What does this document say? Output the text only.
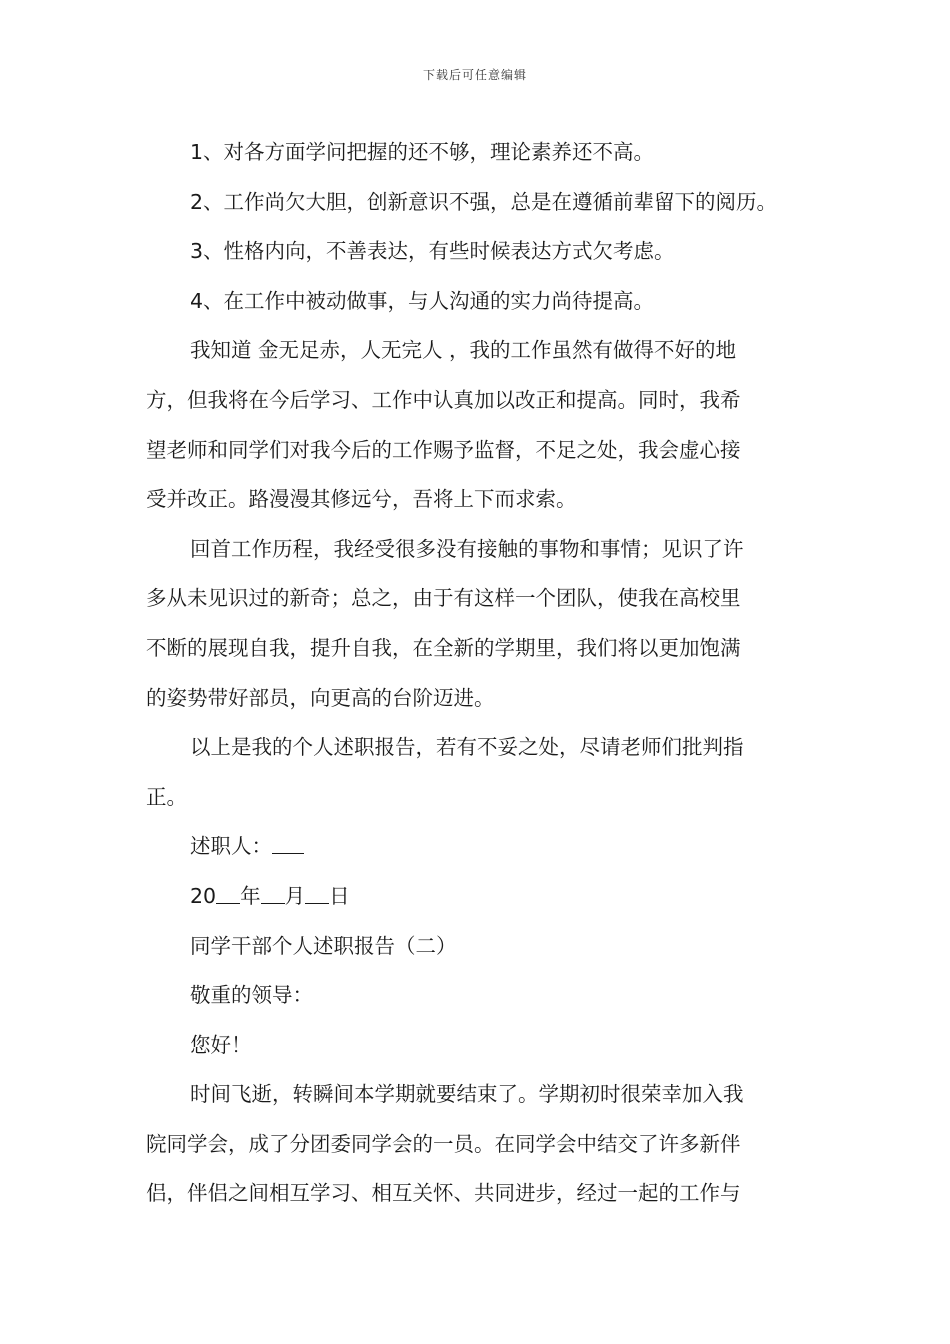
下载后可任意编辑

1、对各方面学问把握的还不够，理论素养还不高。

2、工作尚欠大胆，创新意识不强，总是在遵循前辈留下的阅历。

3、性格内向，不善表达，有些时候表达方式欠考虑。

4、在工作中被动做事，与人沟通的实力尚待提高。

我知道 金无足赤，人无完人 ，我的工作虽然有做得不好的地

方，但我将在今后学习、工作中认真加以改正和提高。同时，我希

望老师和同学们对我今后的工作赐予监督，不足之处，我会虚心接

受并改正。路漫漫其修远兮，吾将上下而求索。

回首工作历程，我经受很多没有接触的事物和事情；见识了许

多从未见识过的新奇；总之，由于有这样一个团队，使我在高校里

不断的展现自我，提升自我，在全新的学期里，我们将以更加饱满

的姿势带好部员，向更高的台阶迈进。

以上是我的个人述职报告，若有不妥之处，尽请老师们批判指

正。

述职人：

20 年 月 日

同学干部个人述职报告（二）

敬重的领导：

您好！

时间飞逝，转瞬间本学期就要结束了。学期初时很荣幸加入我

院同学会，成了分团委同学会的一员。在同学会中结交了许多新伴

侣，伴侣之间相互学习、相互关怀、共同进步，经过一起的工作与
